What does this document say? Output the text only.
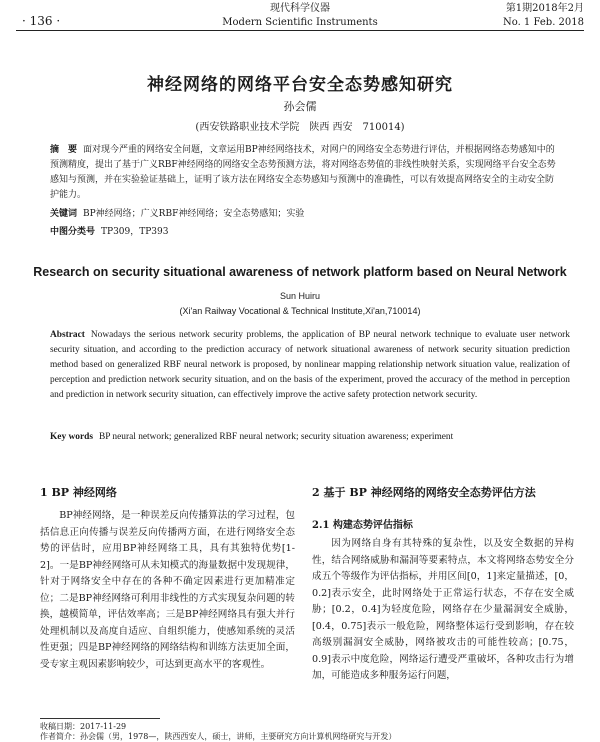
· 136 ·
现代科学仪器
Modern Scientific Instruments
第1期2018年2月
No. 1 Feb. 2018
神经网络的网络平台安全态势感知研究
孙会儒
(西安铁路职业技术学院　陕西 西安　710014)
摘　要 面对现今严重的网络安全问题，文章运用BP神经网络技术，对网户的网络安全态势进行评估，并根据网络态势感知中的预测精度，提出了基于广义RBF神经网络的网络安全态势预测方法，将对网络态势值的非线性映射关系，实现网络平台安全态势感知与预测，并在实验验证基础上，证明了该方法在网络安全态势感知与预测中的准确性，可以有效提高网络安全的主动安全防护能力。
关键词 BP神经网络；广义RBF神经网络；安全态势感知；实验
中图分类号 TP309，TP393
Research on security situational awareness of network platform based on Neural Network
Sun Huiru
(Xi'an Railway Vocational & Technical Institute,Xi'an,710014)
Abstract Nowadays the serious network security problems, the application of BP neural network technique to evaluate user network security situation, and according to the prediction accuracy of network situational awareness of network security situation prediction method based on generalized RBF neural network is proposed, by nonlinear mapping relationship network situation value, realization of perception and prediction network security situation, and on the basis of the experiment, proved the accuracy of the method in perception and prediction in network security situation, can effectively improve the active safety protection network security.
Key words BP neural network; generalized RBF neural network; security situation awareness; experiment
1 BP 神经网络
BP神经网络，是一种误差反向传播算法的学习过程，包括信息正向传播与误差反向传播两方面，在进行网络安全态势的评估时，应用BP神经网络工具，具有其独特优势[1-2]。一是BP神经网络可从未知模式的海量数据中发现规律，针对于网络安全中存在的各种不确定因素进行更加精准定位；二是BP神经网络可利用非线性的方式实现复杂问题的转换，越模简单，评估效率高；三是BP神经网络具有强大并行处理机制以及高度自适应、自组织能力，使感知系统的灵活性更强；四是BP神经网络的网络结构和训练方法更加全面，受专家主观因素影响较少，可达到更高水平的客观性。
2 基于 BP 神经网络的网络安全态势评估方法
2.1 构建态势评估指标
因为网络自身有其特殊的复杂性，以及安全数据的异构性，结合网络威胁和漏洞等要素特点，本文将网络态势安全分成五个等级作为评估指标，并用区间[0，1]来定量描述，[0，0.2]表示安全，此时网络处于正常运行状态，不存在安全威胁；[0.2，0.4]为轻度危险，网络存在少量漏洞安全威胁，[0.4，0.75]表示一般危险，网络整体运行受到影响，存在较高级别漏洞安全威胁，网络被攻击的可能性较高；[0.75，0.9]表示中度危险，网络运行遭受严重破坏，各种攻击行为增加，可能造成多种服务运行问题，
收稿日期：2017-11-29
作者简介：孙会儒（男，1978—，陕西西安人，硕士，讲师，主要研究方向计算机网络研究与开发）
